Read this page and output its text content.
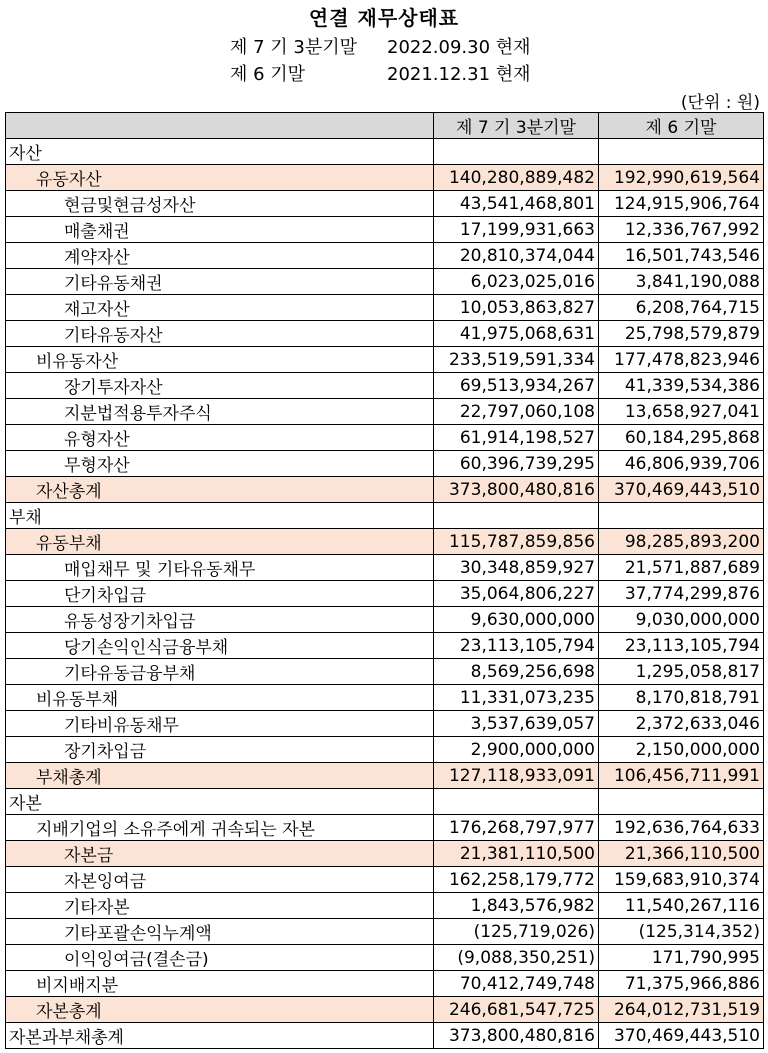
연결 재무상태표
제 7 기 3분기말 2022.09.30 현재
제 6 기말	2021.12.31 현재
(단위 : 원)
	제 7 기 3분기말	제 6 기말
자산		
유동자산	140,280,889,482	192,990,619,564
현금및현금성자산	43,541,468,801	124,915,906,764
매출채권	17,199,931,663	12,336,767,992
계약자산	20,810,374,044	16,501,743,546
기타유동채권	6,023,025,016	3,841,190,088
재고자산	10,053,863,827	6,208,764,715
기타유동자산	41,975,068,631	25,798,579,879
비유동자산	233,519,591,334	177,478,823,946
장기투자자산	69,513,934,267	41,339,534,386
지분법적용투자주식	22,797,060,108	13,658,927,041
유형자산	61,914,198,527	60,184,295,868
무형자산	60,396,739,295	46,806,939,706
자산총계	373,800,480,816	370,469,443,510
부채		
유동부채	115,787,859,856	98,285,893,200
매입채무 및 기타유동채무	30,348,859,927	21,571,887,689
단기차입금	35,064,806,227	37,774,299,876
유동성장기차입금	9,630,000,000	9,030,000,000
당기손익인식금융부채	23,113,105,794	23,113,105,794
기타유동금융부채	8,569,256,698	1,295,058,817
비유동부채	11,331,073,235	8,170,818,791
기타비유동채무	3,537,639,057	2,372,633,046
장기차입금	2,900,000,000	2,150,000,000
부채총계	127,118,933,091	106,456,711,991
자본		
지배기업의 소유주에게 귀속되는 자본	176,268,797,977	192,636,764,633
자본금	21,381,110,500	21,366,110,500
자본잉여금	162,258,179,772	159,683,910,374
기타자본	1,843,576,982	11,540,267,116
기타포괄손익누계액	(125,719,026)	(125,314,352)
이익잉여금(결손금)	(9,088,350,251)	171,790,995
비지배지분	70,412,749,748	71,375,966,886
자본총계	246,681,547,725	264,012,731,519
자본과부채총계	373,800,480,816	370,469,443,510
